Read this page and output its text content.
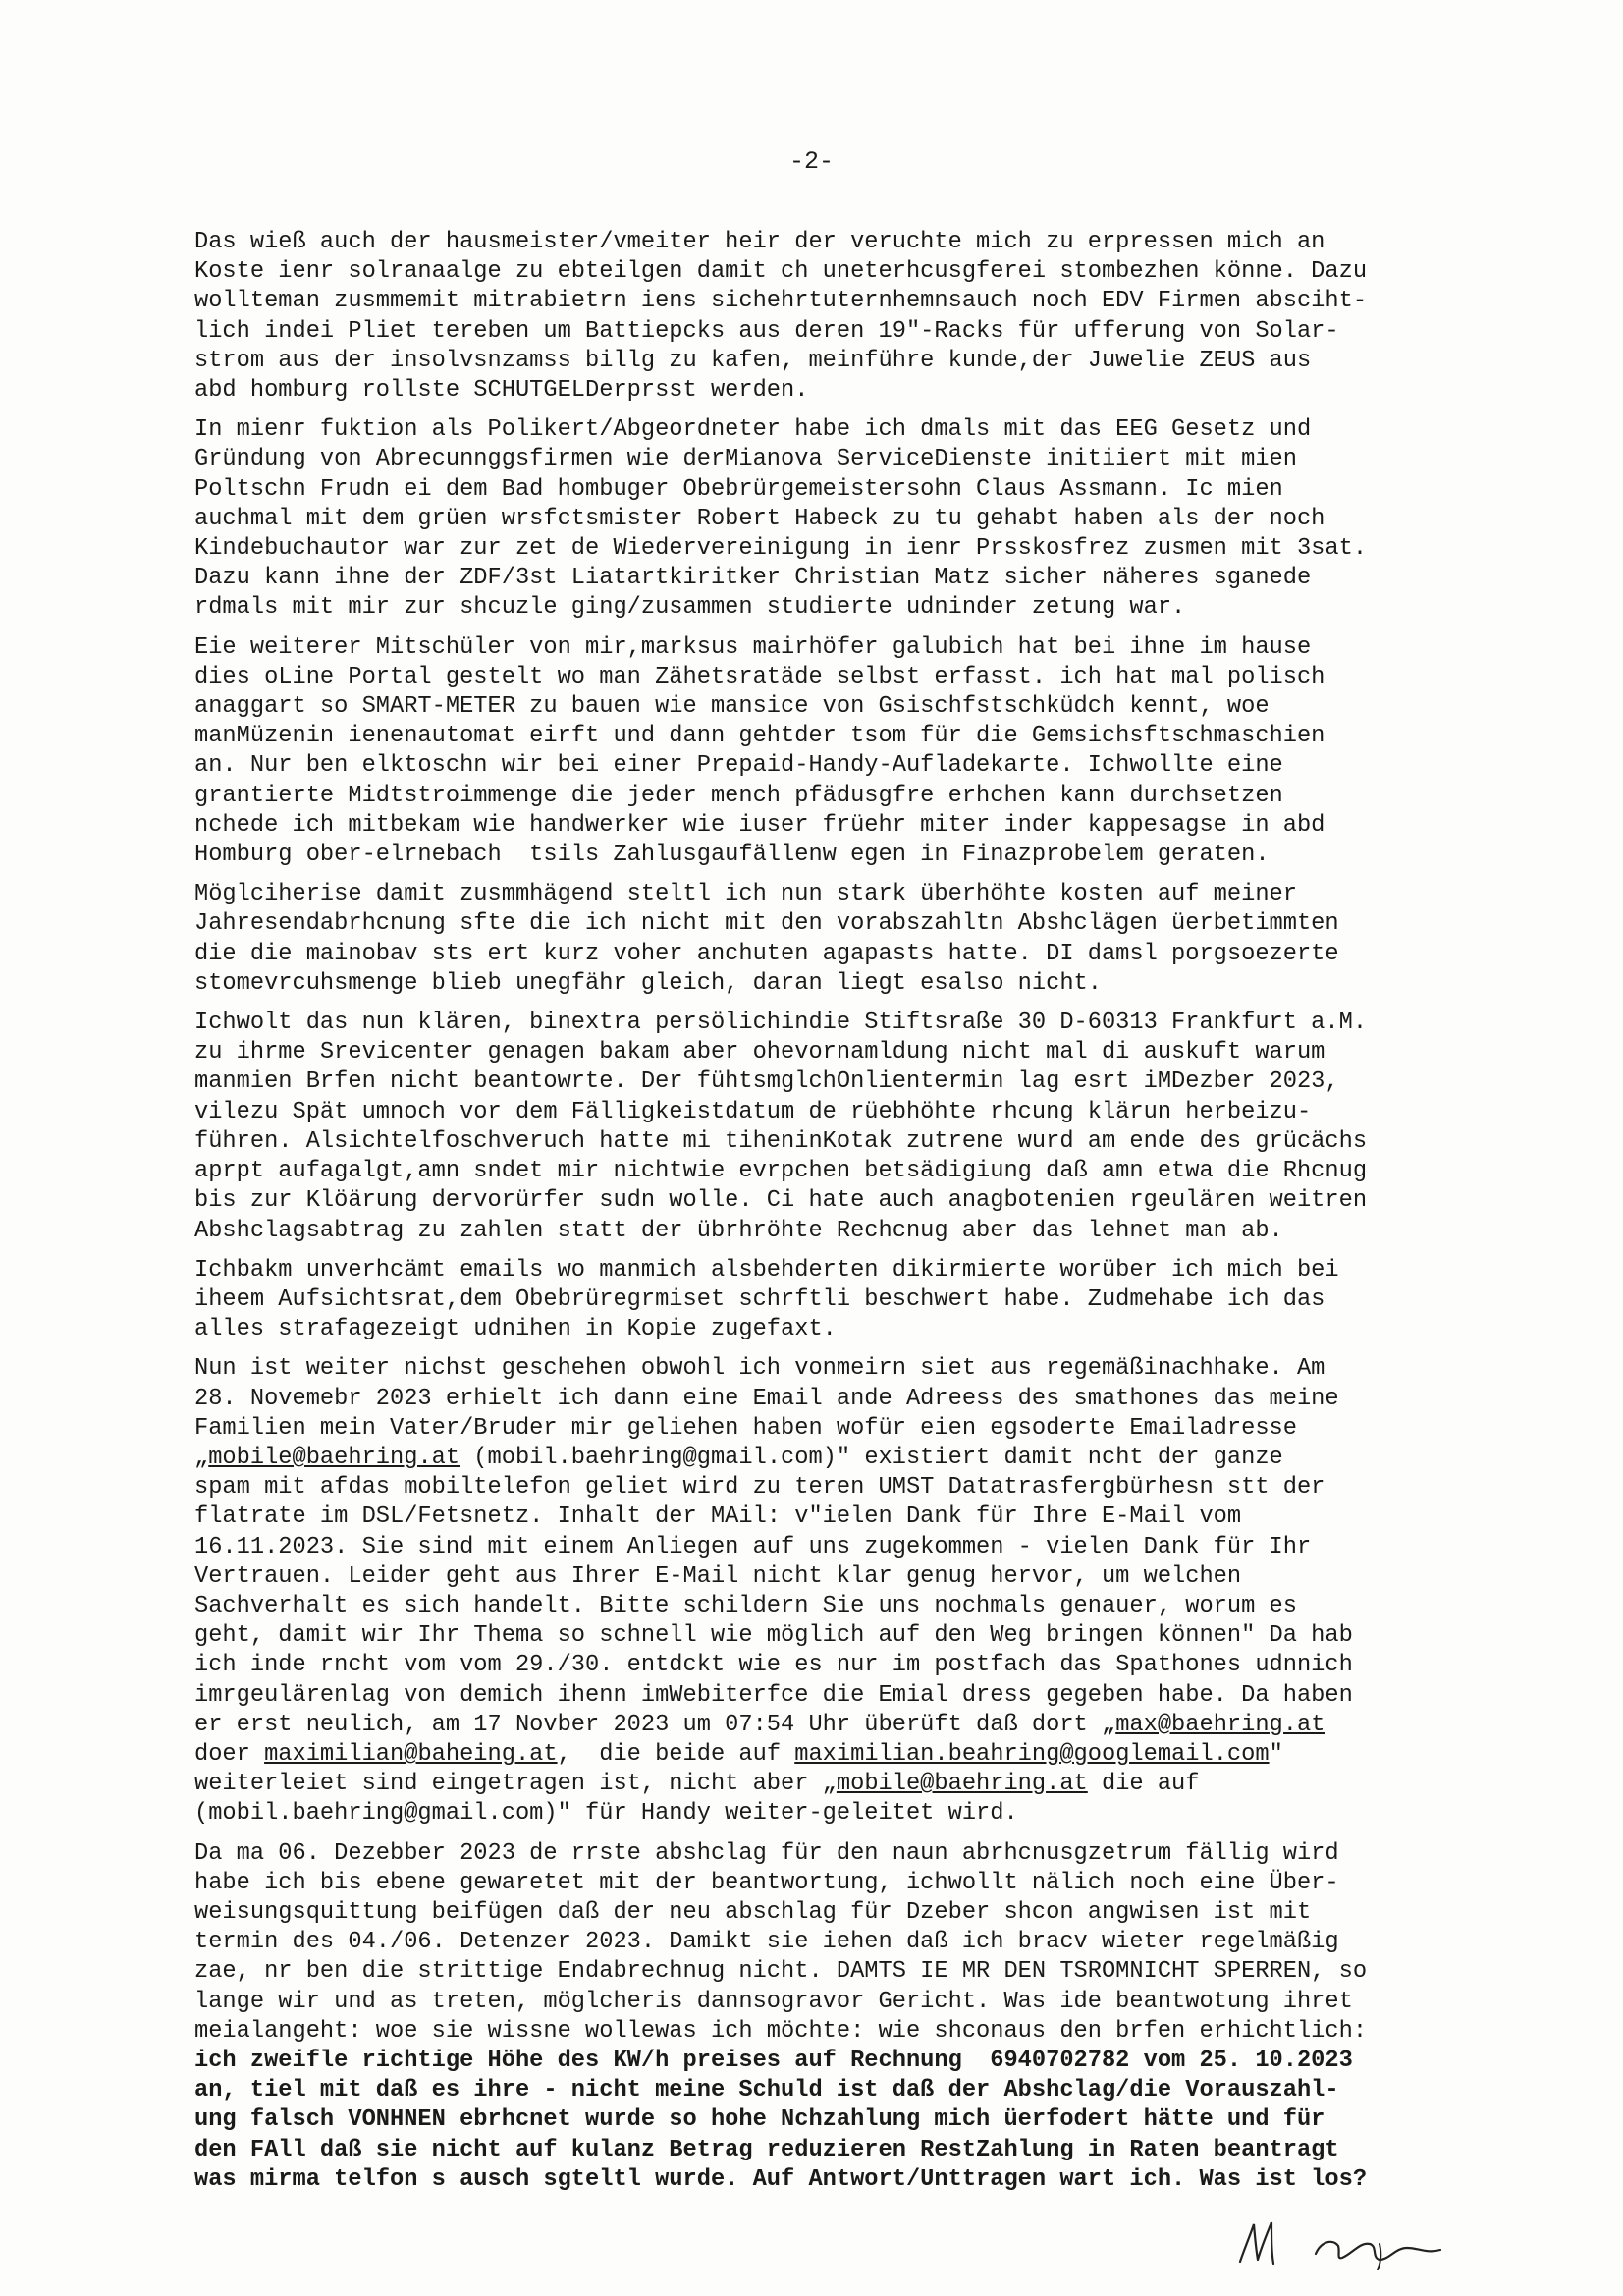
-2-
Das wieß auch der hausmeister/vmeiter heir der veruchte mich zu erpressen mich an
Koste ienr solranaalge zu ebteilgen damit ch uneterhcusgferei stombezhen könne. Dazu
wollteman zusmmemit mitrabietrn iens sichehrtuternhemnsauch noch EDV Firmen absciht-
lich indei Pliet tereben um Battiepcks aus deren 19"-Racks für ufferung von Solar-
strom aus der insolvsnzamss billg zu kafen, meinführe kunde,der Juwelie ZEUS aus
abd homburg rollste SCHUTGELDerprsst werden.
In mienr fuktion als Polikert/Abgeordneter habe ich dmals mit das EEG Gesetz und
Gründung von Abrecunnggsfirmen wie derMianova ServiceDienste initiiert mit mien
Poltschn Frudn ei dem Bad hombuger Obebrürgemeistersohn Claus Assmann. Ic mien
auchmal mit dem grüen wrsfctsmister Robert Habeck zu tu gehabt haben als der noch
Kindebuchautor war zur zet de Wiedervereinigung in ienr Prsskosfrez zusmen mit 3sat.
Dazu kann ihne der ZDF/3st Liatartkiritker Christian Matz sicher näheres sganede
rdmals mit mir zur shcuzle ging/zusammen studierte udninder zetung war.
Eie weiterer Mitschüler von mir,marksus mairhöfer galubich hat bei ihne im hause
dies oLine Portal gestelt wo man Zähetsratäde selbst erfasst. ich hat mal polisch
anaggart so SMART-METER zu bauen wie mansice von Gsischfstschküdch kennt, woe
manMüzenin ienenautomat eirft und dann gehtder tsom für die Gemsichsftschmaschien
an. Nur ben elktoschn wir bei einer Prepaid-Handy-Aufladekarte. Ichwollte eine
grantierte Midtstroimmenge die jeder mench pfädusgfre erhchen kann durchsetzen
nchede ich mitbekam wie handwerker wie iuser früehr miter inder kappesagse in abd
Homburg ober-elrnebach  tsils Zahlusgaufällenw egen in Finazprobelem geraten.
Möglciherise damit zusmmhägend steltl ich nun stark überhöhte kosten auf meiner
Jahresendabrhcnung sfte die ich nicht mit den vorabszahltn Abshclägen üerbetimmten
die die mainobav sts ert kurz voher anchuten agapasts hatte. DI damsl porgsoezerte
stomevrcuhsmenge blieb unegfähr gleich, daran liegt esalso nicht.
Ichwolt das nun klären, binextra persölichindie Stiftsraße 30 D-60313 Frankfurt a.M.
zu ihrme Srevicenter genagen bakam aber ohevornamldung nicht mal di auskuft warum
manmien Brfen nicht beantowrte. Der fühtsmglchOnlientermin lag esrt iMDezber 2023,
vilezu Spät umnoch vor dem Fälligkeistdatum de rüebhöhte rhcung klärun herbeizu-
führen. Alsichtelfoschveruch hatte mi tiheninKotak zutrene wurd am ende des grücächs
aprpt aufagalgt,amn sndet mir nichtwie evrpchen betsädigiung daß amn etwa die Rhcnug
bis zur Klöärung dervorürfer sudn wolle. Ci hate auch anagbotenien rgeulären weitren
Abshclagsabtrag zu zahlen statt der übrhröhte Rechcnug aber das lehnet man ab.
Ichbakm unverhcämt emails wo manmich alsbehderten dikirmierte worüber ich mich bei
iheem Aufsichtsrat,dem Obebrüregrmiset schrftli beschwert habe. Zudmehabe ich das
alles strafagezeigt udnihen in Kopie zugefaxt.
Nun ist weiter nichst geschehen obwohl ich vonmeirn siet aus regemäßinachhake. Am
28. Novemebr 2023 erhielt ich dann eine Email ande Adreess des smathones das meine
Familien mein Vater/Bruder mir geliehen haben wofür eien egsoderte Emailadresse
„mobile@baehring.at (mobil.baehring@gmail.com)" existiert damit ncht der ganze
spam mit afdas mobiltelefon geliet wird zu teren UMST Datatrasfergbürhesn stt der
flatrate im DSL/Fetsnetz. Inhalt der MAil: v"ielen Dank für Ihre E-Mail vom
16.11.2023. Sie sind mit einem Anliegen auf uns zugekommen - vielen Dank für Ihr
Vertrauen. Leider geht aus Ihrer E-Mail nicht klar genug hervor, um welchen
Sachverhalt es sich handelt. Bitte schildern Sie uns nochmals genauer, worum es
geht, damit wir Ihr Thema so schnell wie möglich auf den Weg bringen können" Da hab
ich inde rncht vom vom 29./30. entdckt wie es nur im postfach das Spathones udnnich
imrgeulärenlag von demich ihenn imWebiterfce die Emial dress gegeben habe. Da haben
er erst neulich, am 17 Novber 2023 um 07:54 Uhr überüft daß dort „max@baehring.at
doer maximilian@baheing.at,  die beide auf maximilian.beahring@googlemail.com"
weiterleiet sind eingetragen ist, nicht aber „mobile@baehring.at die auf
(mobil.baehring@gmail.com)" für Handy weiter-geleitet wird.
Da ma 06. Dezebber 2023 de rrste abshclag für den naun abrhcnusgzetrum fällig wird
habe ich bis ebene gewaretet mit der beantwortung, ichwollt nälich noch eine Über-
weisungsquittung beifügen daß der neu abschlag für Dzeber shcon angwisen ist mit
termin des 04./06. Detenzer 2023. Damikt sie iehen daß ich bracv wieter regelmäßig
zae, nr ben die strittige Endabrechnug nicht. DAMTS IE MR DEN TSROMNICHT SPERREN, so
lange wir und as treten, möglcheris dannsogravor Gericht. Was ide beantwotung ihret
meialangeht: woe sie wissne wollewas ich möchte: wie shconaus den brfen erhichtlich:
ich zweifle richtige Höhe des KW/h preises auf Rechnung  6940702782 vom 25. 10.2023
an, tiel mit daß es ihre - nicht meine Schuld ist daß der Abshclag/die Vorauszahl-
ung falsch VONHNEN ebrhcnet wurde so hohe Nchzahlung mich üerfodert hätte und für
den FAll daß sie nicht auf kulanz Betrag reduzieren RestZahlung in Raten beantragt
was mirma telfon s ausch sgteltl wurde. Auf Antwort/Unttragen wart ich. Was ist los?
